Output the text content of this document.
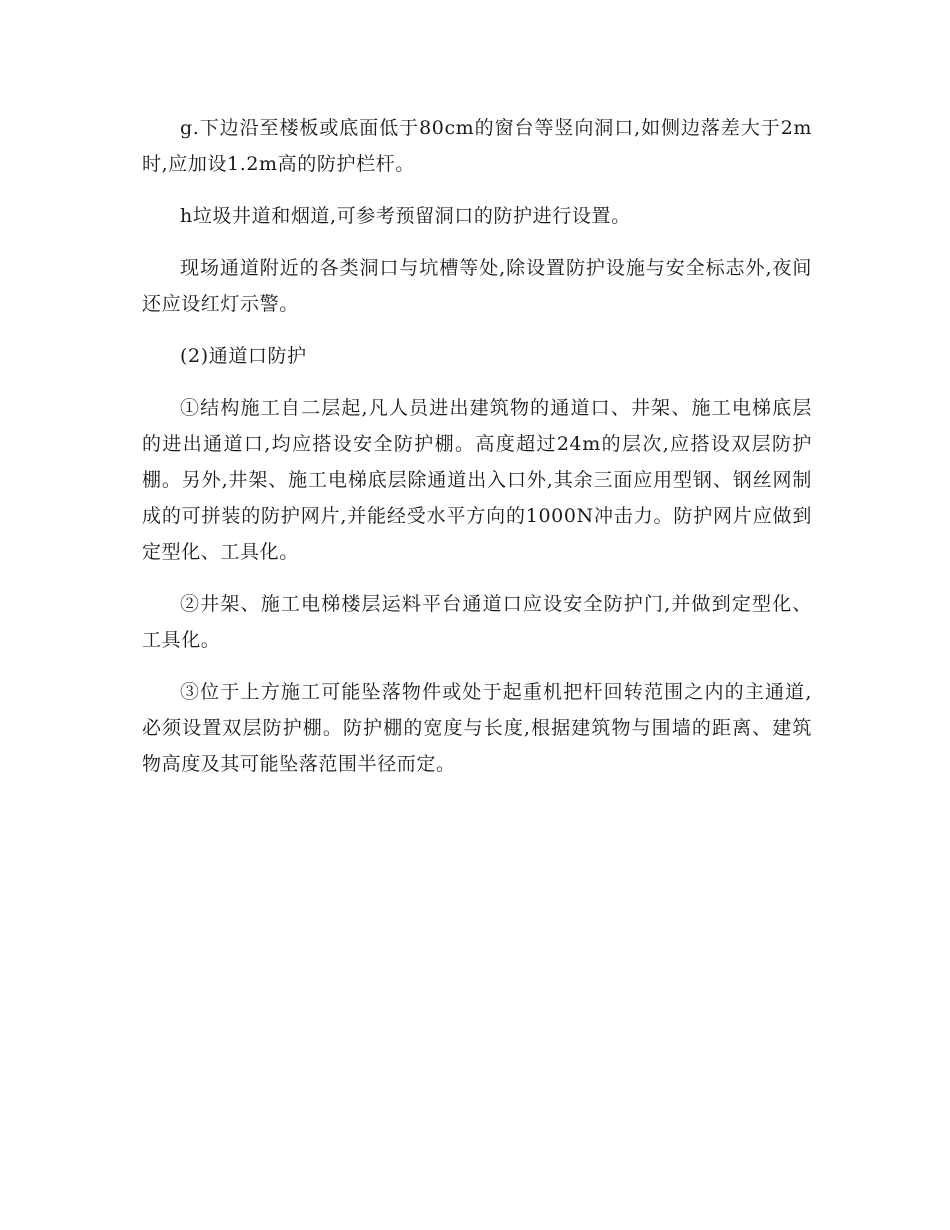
g.下边沿至楼板或底面低于80cm的窗台等竖向洞口,如侧边落差大于2m时,应加设1.2m高的防护栏杆。

h垃圾井道和烟道,可参考预留洞口的防护进行设置。

现场通道附近的各类洞口与坑槽等处,除设置防护设施与安全标志外,夜间还应设红灯示警。

(2)通道口防护

①结构施工自二层起,凡人员进出建筑物的通道口、井架、施工电梯底层的进出通道口,均应搭设安全防护棚。高度超过24m的层次,应搭设双层防护棚。另外,井架、施工电梯底层除通道出入口外,其余三面应用型钢、钢丝网制成的可拼装的防护网片,并能经受水平方向的1000N冲击力。防护网片应做到定型化、工具化。

②井架、施工电梯楼层运料平台通道口应设安全防护门,并做到定型化、工具化。

③位于上方施工可能坠落物件或处于起重机把杆回转范围之内的主通道,必须设置双层防护棚。防护棚的宽度与长度,根据建筑物与围墙的距离、建筑物高度及其可能坠落范围半径而定。
